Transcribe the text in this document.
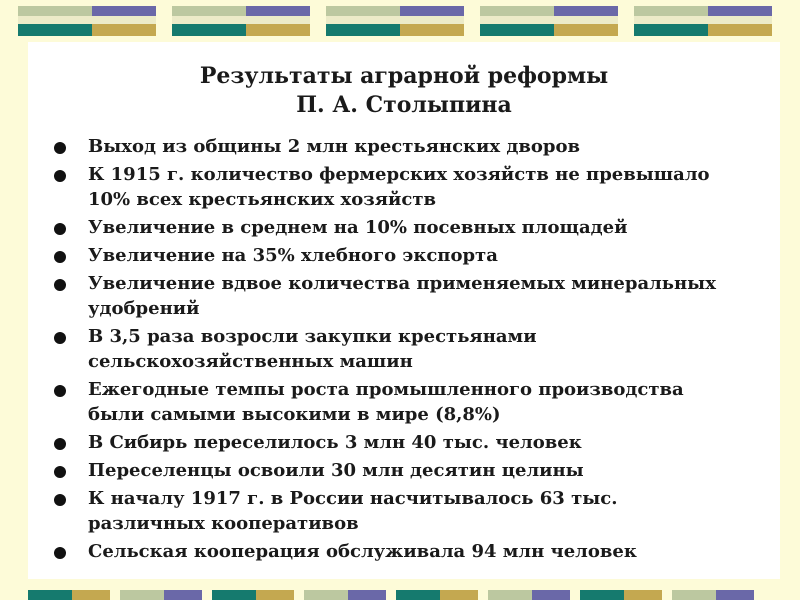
Результаты аграрной реформы
П. А. Столыпина
Выход из общины 2 млн крестьянских дворов
К 1915 г. количество фермерских хозяйств не превышало 10% всех крестьянских хозяйств
Увеличение в среднем на 10% посевных площадей
Увеличение на 35% хлебного экспорта
Увеличение вдвое количества применяемых минеральных удобрений
В 3,5 раза возросли закупки крестьянами сельскохозяйственных машин
Ежегодные темпы роста промышленного производства были самыми высокими в мире (8,8%)
В Сибирь переселилось 3 млн 40 тыс. человек
Переселенцы освоили 30 млн десятин целины
К началу 1917 г. в России насчитывалось 63 тыс. различных кооперативов
Сельская кооперация обслуживала 94 млн человек
